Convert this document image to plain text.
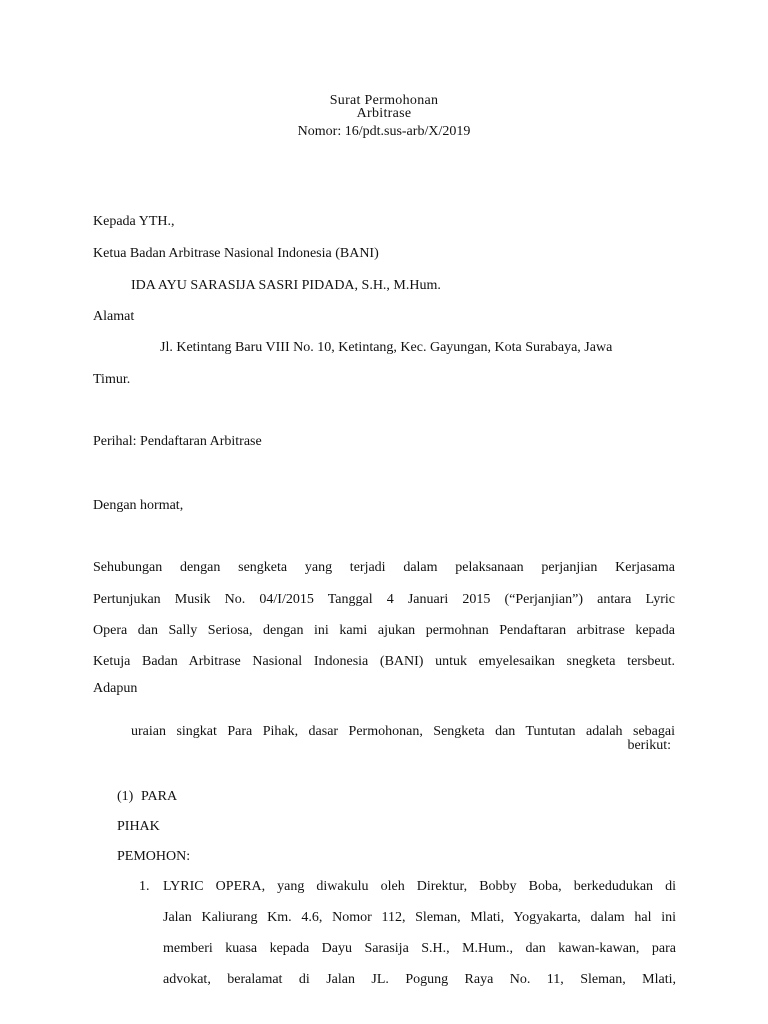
Surat Permohonan
Arbitrase
Nomor: 16/pdt.sus-arb/X/2019
Kepada YTH.,
Ketua Badan Arbitrase Nasional Indonesia (BANI)
IDA AYU SARASIJA SASRI PIDADA, S.H., M.Hum.
Alamat
Jl. Ketintang Baru VIII No. 10, Ketintang, Kec. Gayungan, Kota Surabaya, Jawa
Timur.
Perihal: Pendaftaran Arbitrase
Dengan hormat,
Sehubungan dengan sengketa yang terjadi dalam pelaksanaan perjanjian Kerjasama
Pertunjukan Musik No. 04/I/2015 Tanggal 4 Januari 2015 (“Perjanjian”) antara Lyric
Opera dan Sally Seriosa, dengan ini kami ajukan permohnan Pendaftaran arbitrase kepada
Ketuja Badan Arbitrase Nasional Indonesia (BANI) untuk emyelesaikan snegketa tersbeut.
Adapun
uraian singkat Para Pihak, dasar Permohonan, Sengketa dan Tuntutan adalah sebagai
berikut:
(1) PARA
PIHAK
PEMOHON:
1. LYRIC OPERA, yang diwakulu oleh Direktur, Bobby Boba, berkedudukan di
Jalan Kaliurang Km. 4.6, Nomor 112, Sleman, Mlati, Yogyakarta, dalam hal ini
memberi kuasa kepada Dayu Sarasija S.H., M.Hum., dan kawan-kawan, para
advokat, beralamat di Jalan JL. Pogung Raya No. 11, Sleman, Mlati,
